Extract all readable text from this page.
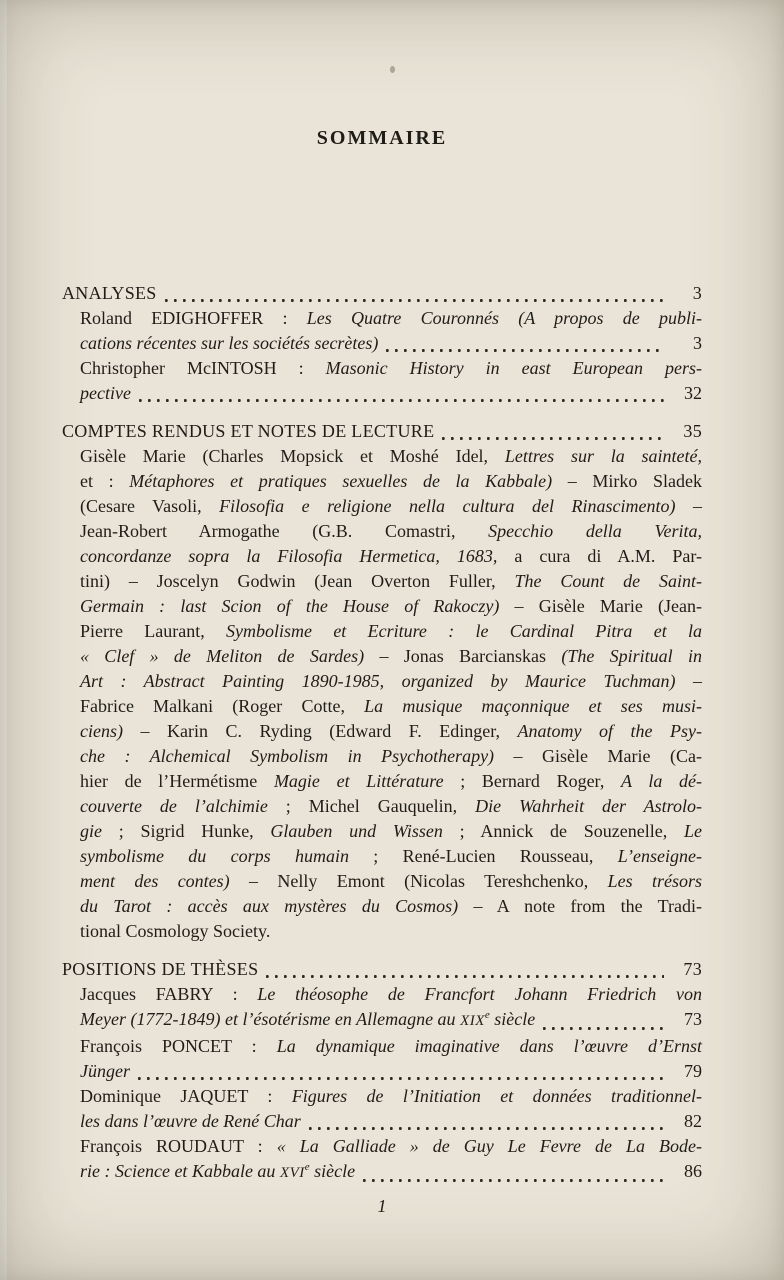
SOMMAIRE
ANALYSES	3
Roland EDIGHOFFER : Les Quatre Couronnés (A propos de publi-
cations récentes sur les sociétés secrètes)	3
Christopher McINTOSH : Masonic History in east European pers-
pective	32
COMPTES RENDUS ET NOTES DE LECTURE	35
Gisèle Marie (Charles Mopsick et Moshé Idel, Lettres sur la sainteté,
et : Métaphores et pratiques sexuelles de la Kabbale) – Mirko Sladek
(Cesare Vasoli, Filosofia e religione nella cultura del Rinascimento) –
Jean-Robert Armogathe (G.B. Comastri, Specchio della Verita,
concordanze sopra la Filosofia Hermetica, 1683, a cura di A.M. Par-
tini) – Joscelyn Godwin (Jean Overton Fuller, The Count de Saint-
Germain : last Scion of the House of Rakoczy) – Gisèle Marie (Jean-
Pierre Laurant, Symbolisme et Ecriture : le Cardinal Pitra et la
« Clef » de Meliton de Sardes) – Jonas Barcianskas (The Spiritual in
Art : Abstract Painting 1890-1985, organized by Maurice Tuchman) –
Fabrice Malkani (Roger Cotte, La musique maçonnique et ses musi-
ciens) – Karin C. Ryding (Edward F. Edinger, Anatomy of the Psy-
che : Alchemical Symbolism in Psychotherapy) – Gisèle Marie (Ca-
hier de l’Hermétisme Magie et Littérature ; Bernard Roger, A la dé-
couverte de l’alchimie ; Michel Gauquelin, Die Wahrheit der Astrolo-
gie ; Sigrid Hunke, Glauben und Wissen ; Annick de Souzenelle, Le
symbolisme du corps humain ; René-Lucien Rousseau, L’enseigne-
ment des contes) – Nelly Emont (Nicolas Tereshchenko, Les trésors
du Tarot : accès aux mystères du Cosmos) – A note from the Tradi-
tional Cosmology Society.
POSITIONS DE THÈSES	73
Jacques FABRY : Le théosophe de Francfort Johann Friedrich von
Meyer (1772-1849) et l’ésotérisme en Allemagne au XIXe siècle	73
François PONCET : La dynamique imaginative dans l’œuvre d’Ernst
Jünger	79
Dominique JAQUET : Figures de l’Initiation et données traditionnel-
les dans l’œuvre de René Char	82
François ROUDAUT : « La Galliade » de Guy Le Fevre de La Bode-
rie : Science et Kabbale au XVIe siècle	86
1
